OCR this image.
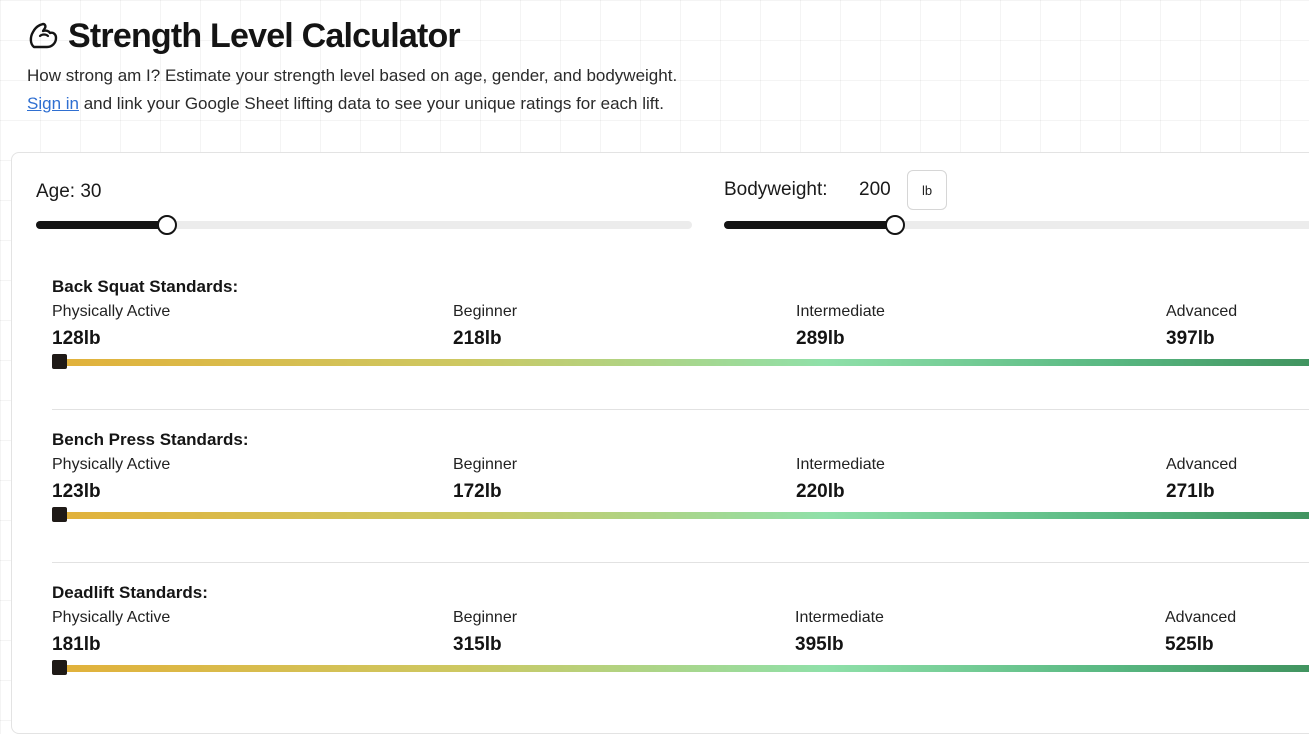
Strength Level Calculator
How strong am I? Estimate your strength level based on age, gender, and bodyweight.
Sign in and link your Google Sheet lifting data to see your unique ratings for each lift.
Age: 30	Bodyweight: 200	lb
Back Squat Standards:
Physically Active
128lb
Beginner
218lb
Intermediate
289lb
Advanced
397lb
Bench Press Standards:
Physically Active
123lb
Beginner
172lb
Intermediate
220lb
Advanced
271lb
Deadlift Standards:
Physically Active
181lb
Beginner
315lb
Intermediate
395lb
Advanced
525lb
